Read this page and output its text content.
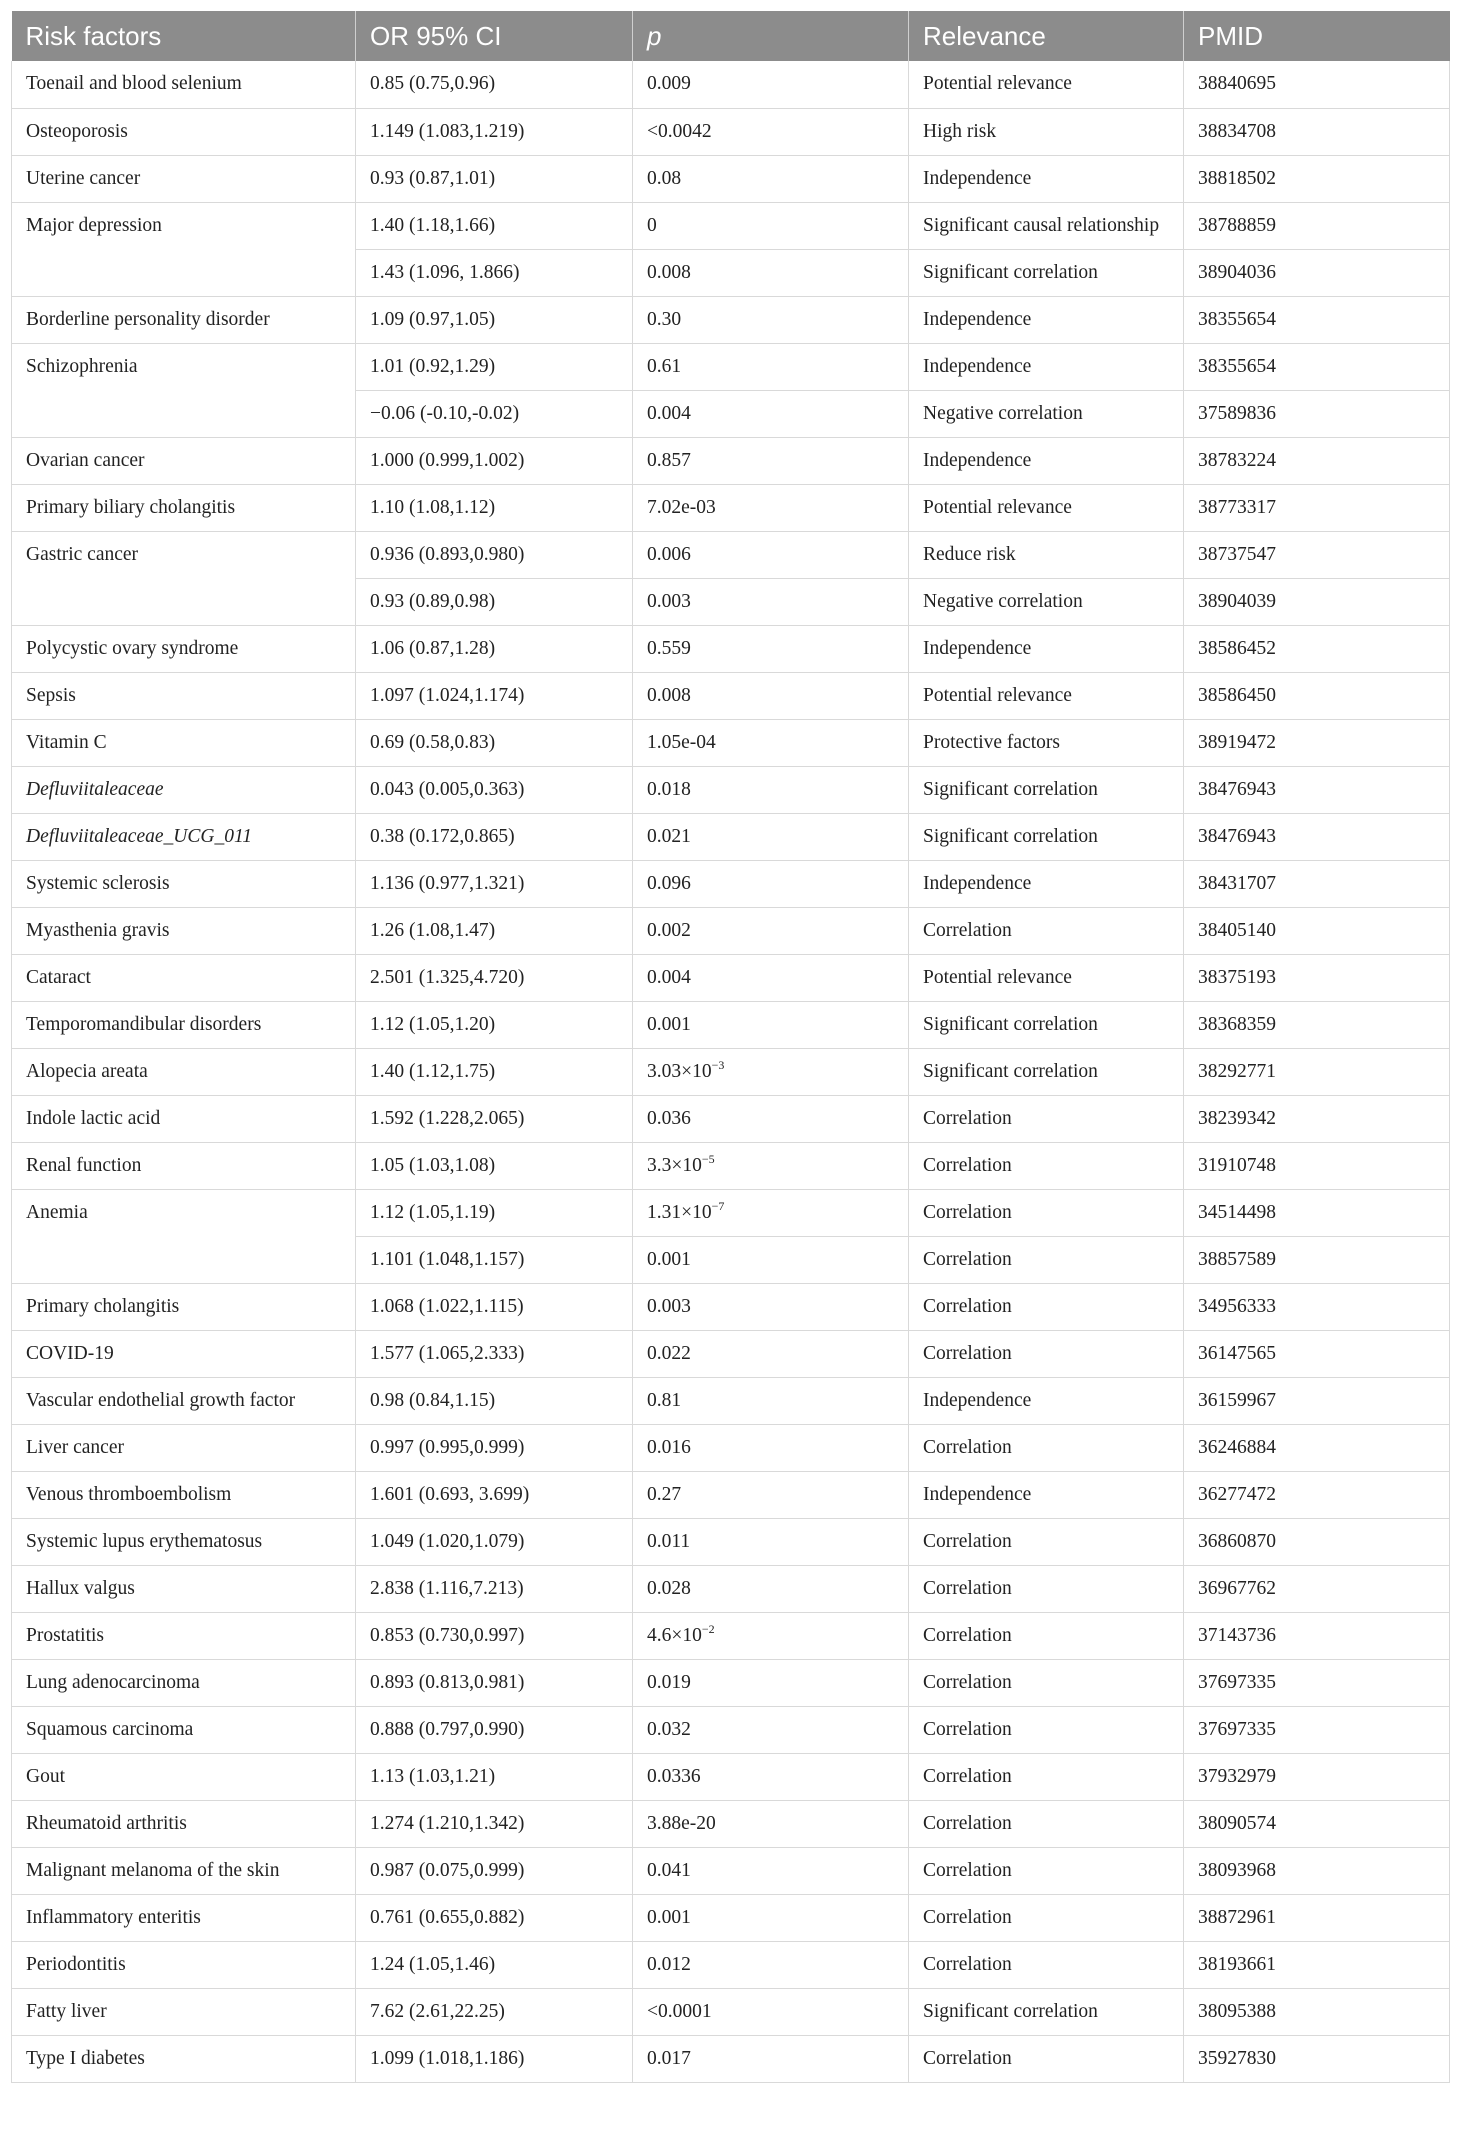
Risk factors	OR 95% CI	p	Relevance	PMID
Toenail and blood selenium	0.85 (0.75,0.96)	0.009	Potential relevance	38840695
Osteoporosis	1.149 (1.083,1.219)	<0.0042	High risk	38834708
Uterine cancer	0.93 (0.87,1.01)	0.08	Independence	38818502
Major depression	1.40 (1.18,1.66)	0	Significant causal relationship	38788859
	1.43 (1.096, 1.866)	0.008	Significant correlation	38904036
Borderline personality disorder	1.09 (0.97,1.05)	0.30	Independence	38355654
Schizophrenia	1.01 (0.92,1.29)	0.61	Independence	38355654
	−0.06 (-0.10,-0.02)	0.004	Negative correlation	37589836
Ovarian cancer	1.000 (0.999,1.002)	0.857	Independence	38783224
Primary biliary cholangitis	1.10 (1.08,1.12)	7.02e-03	Potential relevance	38773317
Gastric cancer	0.936 (0.893,0.980)	0.006	Reduce risk	38737547
	0.93 (0.89,0.98)	0.003	Negative correlation	38904039
Polycystic ovary syndrome	1.06 (0.87,1.28)	0.559	Independence	38586452
Sepsis	1.097 (1.024,1.174)	0.008	Potential relevance	38586450
Vitamin C	0.69 (0.58,0.83)	1.05e-04	Protective factors	38919472
Defluviitaleaceae	0.043 (0.005,0.363)	0.018	Significant correlation	38476943
Defluviitaleaceae_UCG_011	0.38 (0.172,0.865)	0.021	Significant correlation	38476943
Systemic sclerosis	1.136 (0.977,1.321)	0.096	Independence	38431707
Myasthenia gravis	1.26 (1.08,1.47)	0.002	Correlation	38405140
Cataract	2.501 (1.325,4.720)	0.004	Potential relevance	38375193
Temporomandibular disorders	1.12 (1.05,1.20)	0.001	Significant correlation	38368359
Alopecia areata	1.40 (1.12,1.75)	$3.03\times 10^{-3}$	Significant correlation	38292771
Indole lactic acid	1.592 (1.228,2.065)	0.036	Correlation	38239342
Renal function	1.05 (1.03,1.08)	$3.3\times 10^{-5}$	Correlation	31910748
Anemia	1.12 (1.05,1.19)	$1.31\times 10^{-7}$	Correlation	34514498
	1.101 (1.048,1.157)	0.001	Correlation	38857589
Primary cholangitis	1.068 (1.022,1.115)	0.003	Correlation	34956333
COVID-19	1.577 (1.065,2.333)	0.022	Correlation	36147565
Vascular endothelial growth factor	0.98 (0.84,1.15)	0.81	Independence	36159967
Liver cancer	0.997 (0.995,0.999)	0.016	Correlation	36246884
Venous thromboembolism	1.601 (0.693, 3.699)	0.27	Independence	36277472
Systemic lupus erythematosus	1.049 (1.020,1.079)	0.011	Correlation	36860870
Hallux valgus	2.838 (1.116,7.213)	0.028	Correlation	36967762
Prostatitis	0.853 (0.730,0.997)	$4.6\times 10^{-2}$	Correlation	37143736
Lung adenocarcinoma	0.893 (0.813,0.981)	0.019	Correlation	37697335
Squamous carcinoma	0.888 (0.797,0.990)	0.032	Correlation	37697335
Gout	1.13 (1.03,1.21)	0.0336	Correlation	37932979
Rheumatoid arthritis	1.274 (1.210,1.342)	3.88e-20	Correlation	38090574
Malignant melanoma of the skin	0.987 (0.075,0.999)	0.041	Correlation	38093968
Inflammatory enteritis	0.761 (0.655,0.882)	0.001	Correlation	38872961
Periodontitis	1.24 (1.05,1.46)	0.012	Correlation	38193661
Fatty liver	7.62 (2.61,22.25)	<0.0001	Significant correlation	38095388
Type I diabetes	1.099 (1.018,1.186)	0.017	Correlation	35927830
